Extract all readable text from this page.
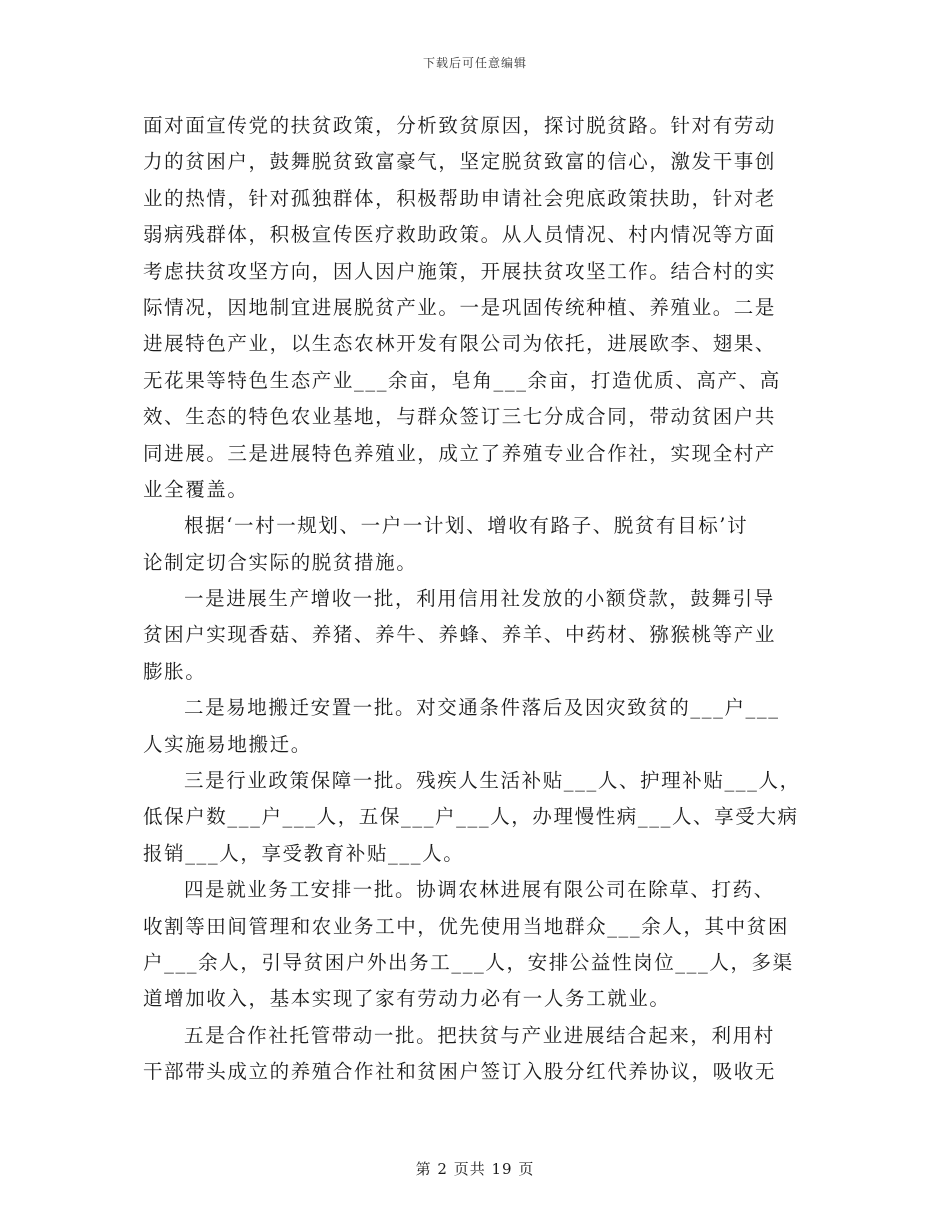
下载后可任意编辑
面对面宣传党的扶贫政策，分析致贫原因，探讨脱贫路。针对有劳动
力的贫困户，鼓舞脱贫致富豪气，坚定脱贫致富的信心，激发干事创
业的热情，针对孤独群体，积极帮助申请社会兜底政策扶助，针对老
弱病残群体，积极宣传医疗救助政策。从人员情况、村内情况等方面
考虑扶贫攻坚方向，因人因户施策，开展扶贫攻坚工作。结合村的实
际情况，因地制宜进展脱贫产业。一是巩固传统种植、养殖业。二是
进展特色产业，以生态农林开发有限公司为依托，进展欧李、翅果、
无花果等特色生态产业___余亩，皂角___余亩，打造优质、高产、高
效、生态的特色农业基地，与群众签订三七分成合同，带动贫困户共
同进展。三是进展特色养殖业，成立了养殖专业合作社，实现全村产
业全覆盖。
根据‘一村一规划、一户一计划、增收有路子、脱贫有目标’讨
论制定切合实际的脱贫措施。
一是进展生产增收一批，利用信用社发放的小额贷款，鼓舞引导
贫困户实现香菇、养猪、养牛、养蜂、养羊、中药材、猕猴桃等产业
膨胀。
二是易地搬迁安置一批。对交通条件落后及因灾致贫的___户___
人实施易地搬迁。
三是行业政策保障一批。残疾人生活补贴___人、护理补贴___人，
低保户数___户___人，五保___户___人，办理慢性病___人、享受大病
报销___人，享受教育补贴___人。
四是就业务工安排一批。协调农林进展有限公司在除草、打药、
收割等田间管理和农业务工中，优先使用当地群众___余人，其中贫困
户___余人，引导贫困户外出务工___人，安排公益性岗位___人，多渠
道增加收入，基本实现了家有劳动力必有一人务工就业。
五是合作社托管带动一批。把扶贫与产业进展结合起来，利用村
干部带头成立的养殖合作社和贫困户签订入股分红代养协议，吸收无
第 2 页共 19 页
